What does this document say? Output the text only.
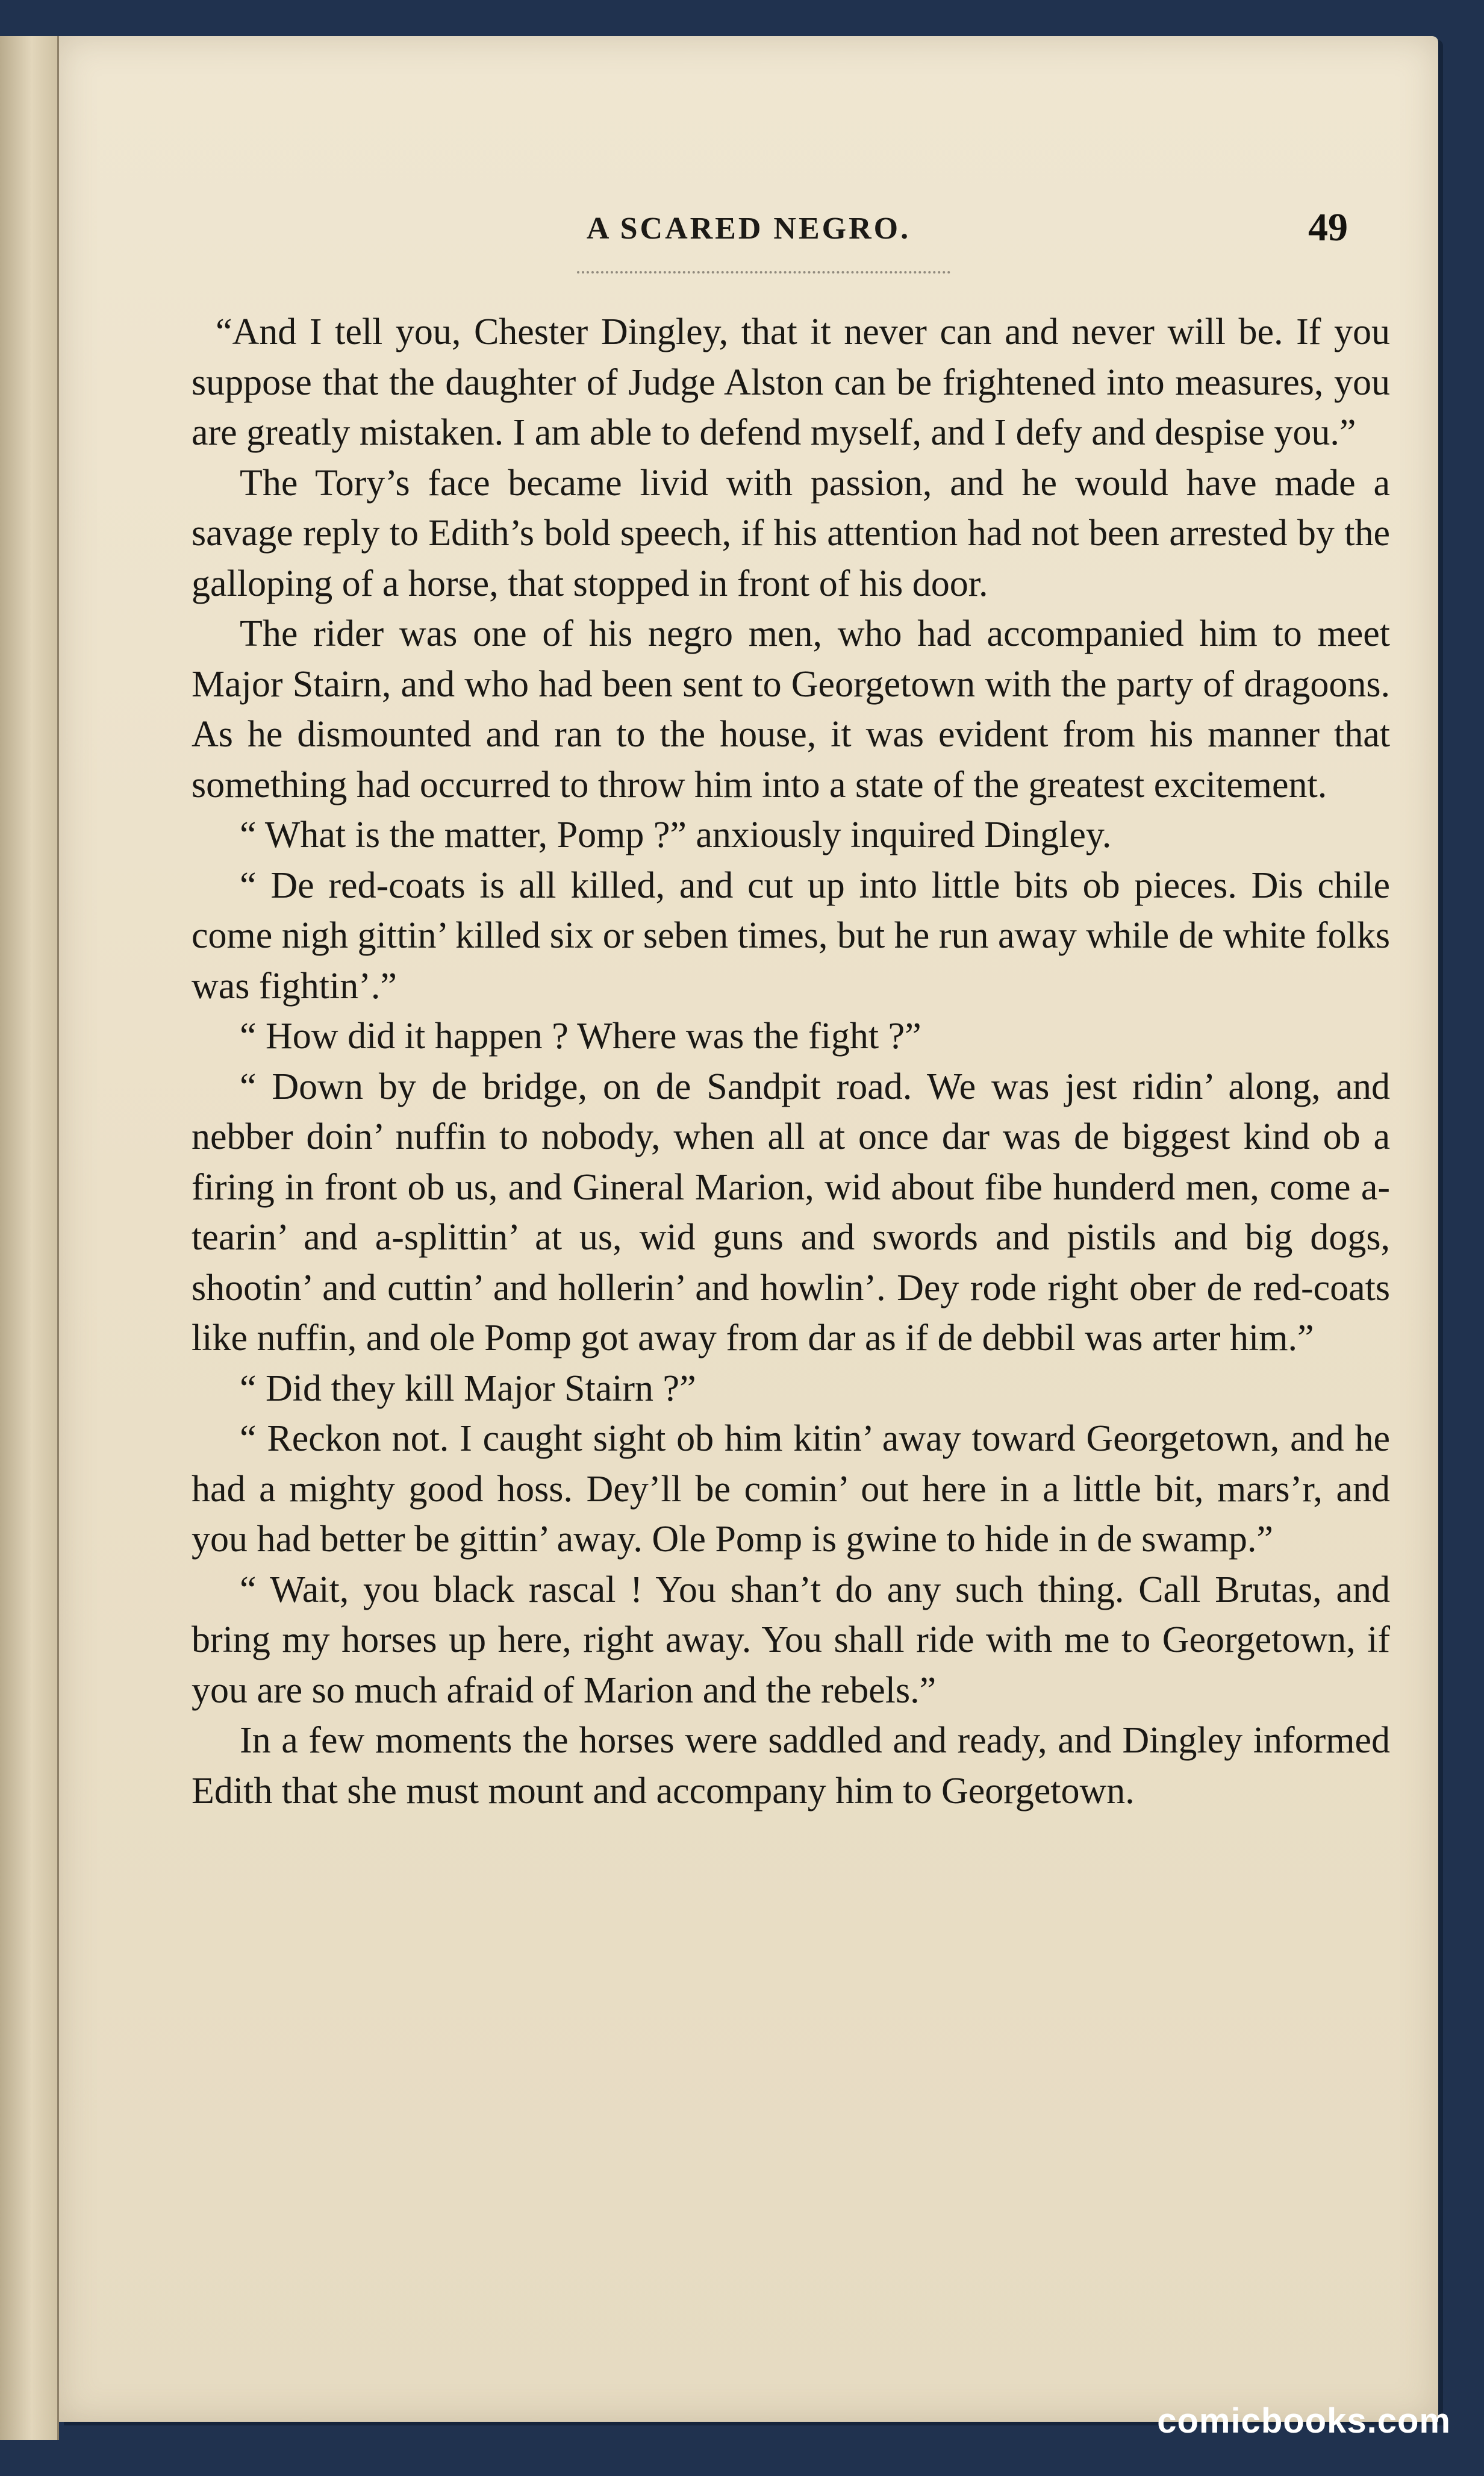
A SCARED NEGRO.	49

“And I tell you, Chester Dingley, that it never can and never will be. If you suppose that the daughter of Judge Alston can be frightened into measures, you are greatly mistaken. I am able to defend myself, and I defy and despise you.”

The Tory’s face became livid with passion, and he would have made a savage reply to Edith’s bold speech, if his attention had not been arrested by the galloping of a horse, that stopped in front of his door.

The rider was one of his negro men, who had accompanied him to meet Major Stairn, and who had been sent to Georgetown with the party of dragoons. As he dismounted and ran to the house, it was evident from his manner that something had occurred to throw him into a state of the greatest excitement.

“ What is the matter, Pomp ?” anxiously inquired Dingley.

“ De red-coats is all killed, and cut up into little bits ob pieces. Dis chile come nigh gittin’ killed six or seben times, but he run away while de white folks was fightin’.”

“ How did it happen ? Where was the fight ?”

“ Down by de bridge, on de Sandpit road. We was jest ridin’ along, and nebber doin’ nuffin to nobody, when all at once dar was de biggest kind ob a firing in front ob us, and Gineral Marion, wid about fibe hunderd men, come a-tearin’ and a-splittin’ at us, wid guns and swords and pistils and big dogs, shootin’ and cuttin’ and hollerin’ and howlin’. Dey rode right ober de red-coats like nuffin, and ole Pomp got away from dar as if de debbil was arter him.”

“ Did they kill Major Stairn ?”

“ Reckon not. I caught sight ob him kitin’ away toward Georgetown, and he had a mighty good hoss. Dey’ll be comin’ out here in a little bit, mars’r, and you had better be gittin’ away. Ole Pomp is gwine to hide in de swamp.”

“ Wait, you black rascal ! You shan’t do any such thing. Call Brutas, and bring my horses up here, right away. You shall ride with me to Georgetown, if you are so much afraid of Marion and the rebels.”

In a few moments the horses were saddled and ready, and Dingley informed Edith that she must mount and accompany him to Georgetown.

comicbooks.com
